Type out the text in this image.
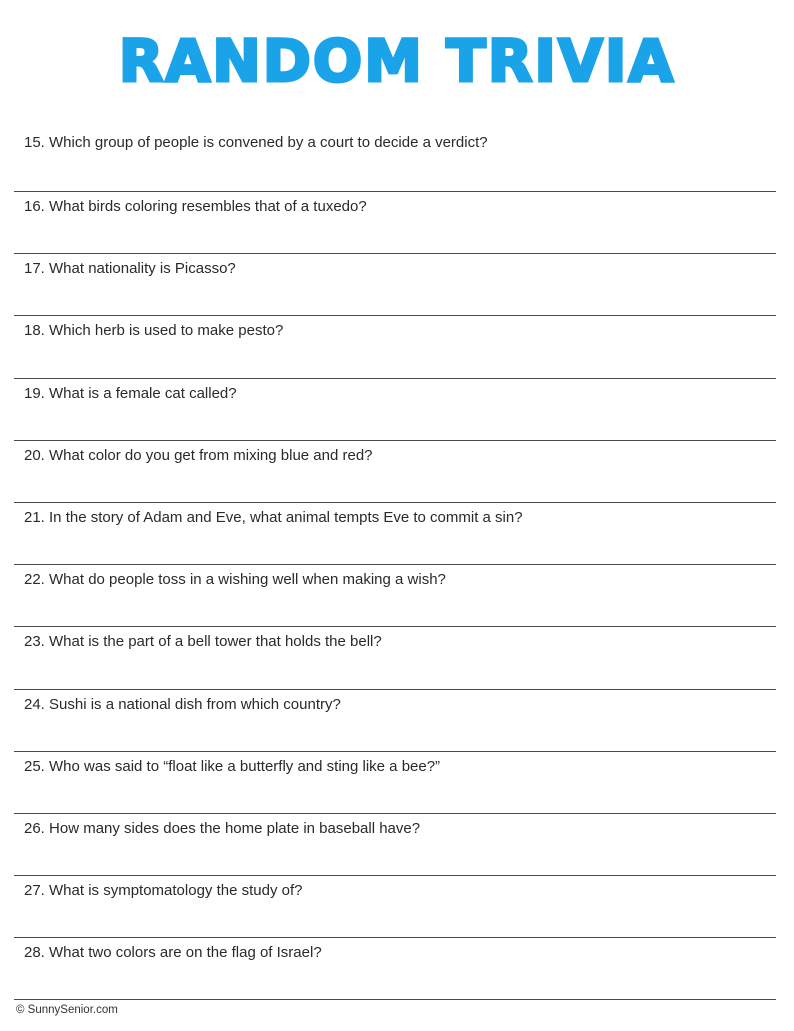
RANDOM TRIVIA
15. Which group of people is convened by a court to decide a verdict?
16. What birds coloring resembles that of a tuxedo?
17. What nationality is Picasso?
18. Which herb is used to make pesto?
19. What is a female cat called?
20. What color do you get from mixing blue and red?
21. In the story of Adam and Eve, what animal tempts Eve to commit a sin?
22. What do people toss in a wishing well when making a wish?
23. What is the part of a bell tower that holds the bell?
24. Sushi is a national dish from which country?
25. Who was said to “float like a butterfly and sting like a bee?”
26. How many sides does the home plate in baseball have?
27. What is symptomatology the study of?
28. What two colors are on the flag of Israel?
© SunnySenior.com
